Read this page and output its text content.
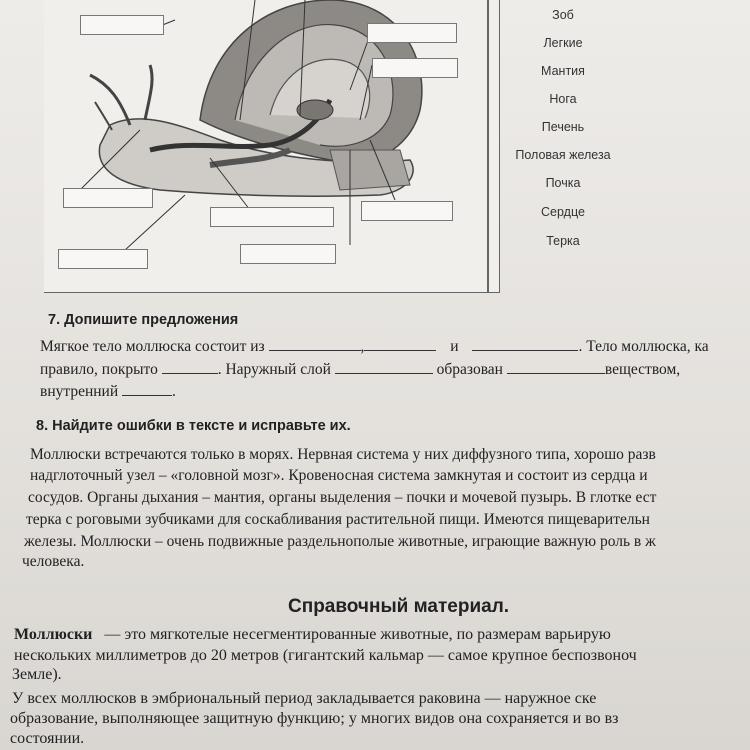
Зоб
Легкие
Мантия
Нога
Печень
Половая железа
Почка
Сердце
Терка
7. Допишите предложения
Мягкое тело моллюска состоит из	,	и	. Тело моллюска, ка
правило, покрыто	. Наружный слой	образован	веществом,
внутренний	.
8. Найдите ошибки в тексте и исправьте их.
Моллюски встречаются только в морях. Нервная система у них диффузного типа, хорошо разв
надглоточный узел – «головной мозг». Кровеносная система замкнутая и состоит из сердца и
сосудов. Органы дыхания – мантия, органы выделения – почки и мочевой пузырь. В глотке ест
терка с роговыми зубчиками для соскабливания растительной пищи. Имеются пищеварительн
железы. Моллюски – очень подвижные раздельнополые животные, играющие важную роль в ж
человека.
Справочный материал.
Моллюски — это мягкотелые несегментированные животные, по размерам варьирую
нескольких миллиметров до 20 метров (гигантский кальмар — самое крупное беспозвоноч
Земле).
У всех моллюсков в эмбриональный период закладывается раковина — наружное ске
образование, выполняющее защитную функцию; у многих видов она сохраняется и во вз
состоянии.
